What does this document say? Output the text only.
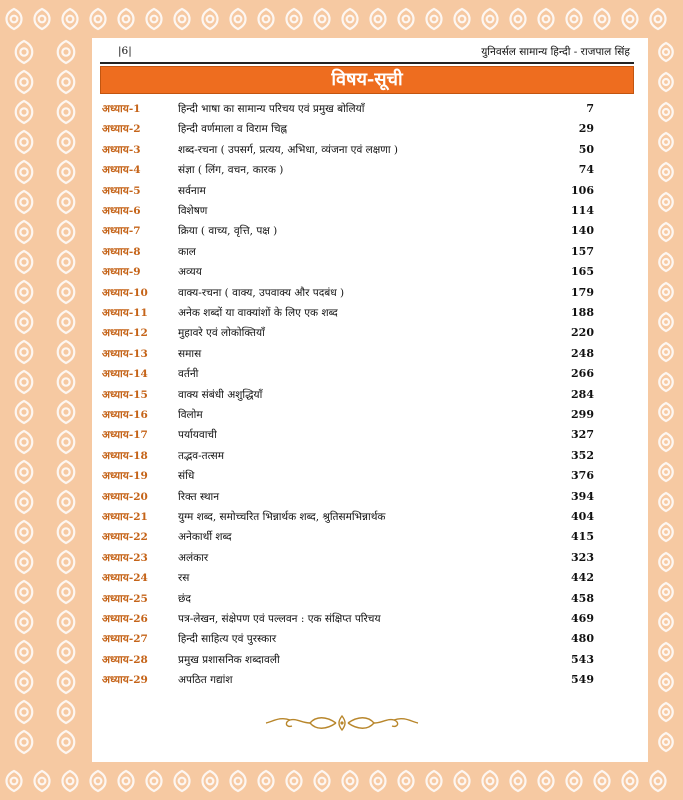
|6|	युनिवर्सल सामान्य हिन्दी - राजपाल सिंह
विषय-सूची
अध्याय-1	हिन्दी भाषा का सामान्य परिचय एवं प्रमुख बोलियाँ	7
अध्याय-2	हिन्दी वर्णमाला व विराम चिह्न	29
अध्याय-3	शब्द-रचना ( उपसर्ग, प्रत्यय, अभिधा, व्यंजना एवं लक्षणा )	50
अध्याय-4	संज्ञा ( लिंग, वचन, कारक )	74
अध्याय-5	सर्वनाम	106
अध्याय-6	विशेषण	114
अध्याय-7	क्रिया ( वाच्य, वृत्ति, पक्ष )	140
अध्याय-8	काल	157
अध्याय-9	अव्यय	165
अध्याय-10	वाक्य-रचना ( वाक्य, उपवाक्य और पदबंध )	179
अध्याय-11	अनेक शब्दों या वाक्यांशों के लिए एक शब्द	188
अध्याय-12	मुहावरे एवं लोकोक्तियाँ	220
अध्याय-13	समास	248
अध्याय-14	वर्तनी	266
अध्याय-15	वाक्य संबंधी अशुद्धियाँ	284
अध्याय-16	विलोम	299
अध्याय-17	पर्यायवाची	327
अध्याय-18	तद्भव-तत्सम	352
अध्याय-19	संधि	376
अध्याय-20	रिक्त स्थान	394
अध्याय-21	युग्म शब्द, समोच्चरित भिन्नार्थक शब्द, श्रुतिसमभिन्नार्थक	404
अध्याय-22	अनेकार्थी शब्द	415
अध्याय-23	अलंकार	323
अध्याय-24	रस	442
अध्याय-25	छंद	458
अध्याय-26	पत्र-लेखन, संक्षेपण एवं पल्लवन : एक संक्षिप्त परिचय	469
अध्याय-27	हिन्दी साहित्य एवं पुरस्कार	480
अध्याय-28	प्रमुख प्रशासनिक शब्दावली	543
अध्याय-29	अपठित गद्यांश	549
